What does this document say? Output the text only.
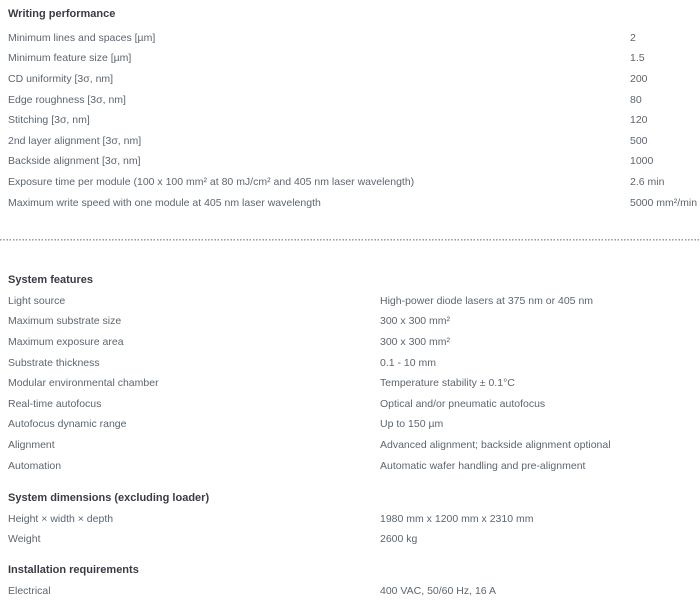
Writing performance
Minimum lines and spaces [µm]	2
Minimum feature size [µm]	1.5
CD uniformity [3σ, nm]	200
Edge roughness [3σ, nm]	80
Stitching [3σ, nm]	120
2nd layer alignment [3σ, nm]	500
Backside alignment [3σ, nm]	1000
Exposure time per module (100 x 100 mm² at 80 mJ/cm² and 405 nm laser wavelength)	2.6 min
Maximum write speed with one module at 405 nm laser wavelength	5000 mm²/min
System features
Light source	High-power diode lasers at 375 nm or 405 nm
Maximum substrate size	300 x 300 mm²
Maximum exposure area	300 x 300 mm²
Substrate thickness	0.1 - 10 mm
Modular environmental chamber	Temperature stability ± 0.1°C
Real-time autofocus	Optical and/or pneumatic autofocus
Autofocus dynamic range	Up to 150 µm
Alignment	Advanced alignment; backside alignment optional
Automation	Automatic wafer handling and pre-alignment
System dimensions (excluding loader)
Height × width × depth	1980 mm x 1200 mm x 2310 mm
Weight	2600 kg
Installation requirements
Electrical	400 VAC, 50/60 Hz, 16 A
